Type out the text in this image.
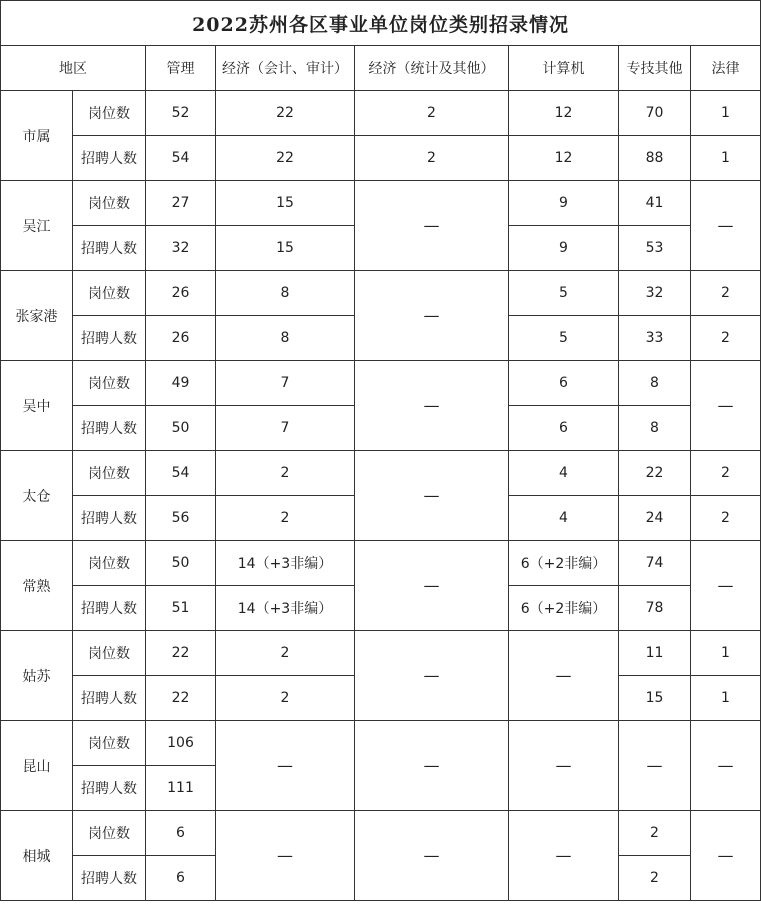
2022苏州各区事业单位岗位类别招录情况							
地区		管理	经济（会计、审计）	经济（统计及其他）	计算机	专技其他	法律
市属	岗位数	52	22	2	12	70	1
	招聘人数	54	22	2	12	88	1
吴江	岗位数	27	15	—	9	41	—
	招聘人数	32	15		9	53	
张家港	岗位数	26	8	—	5	32	2
	招聘人数	26	8		5	33	2
吴中	岗位数	49	7	—	6	8	—
	招聘人数	50	7		6	8	
太仓	岗位数	54	2	—	4	22	2
	招聘人数	56	2		4	24	2
常熟	岗位数	50	14（+3非编）	—	6（+2非编）	74	—
	招聘人数	51	14（+3非编）		6（+2非编）	78	
姑苏	岗位数	22	2	—	—	11	1
	招聘人数	22	2			15	1
昆山	岗位数	106	—	—	—	—	—
	招聘人数	111					
相城	岗位数	6	—	—	—	2	—
	招聘人数	6				2	
